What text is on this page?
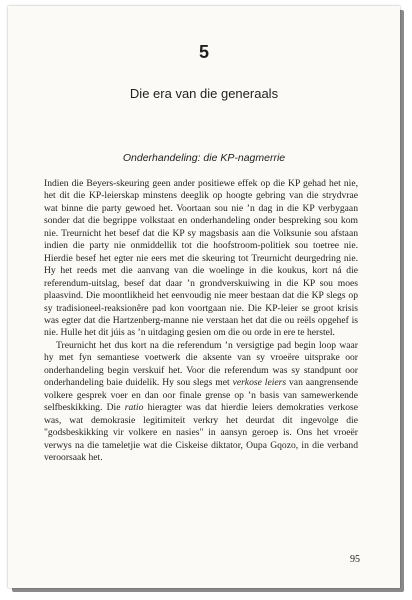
5
Die era van die generaals
Onderhandeling: die KP-nagmerrie

Indien die Beyers-skeuring geen ander positiewe effek op die KP gehad het nie, het dit die KP-leierskap minstens deeglik op hoogte gebring van die strydvrae wat binne die party gewoed het. Voortaan sou nie ’n dag in die KP verbygaan sonder dat die begrippe volkstaat en onderhandeling onder bespreking sou kom nie. Treurnicht het besef dat die KP sy magsbasis aan die Volksunie sou afstaan indien die party nie onmiddellik tot die hoofstroom-politiek sou toetree nie. Hierdie besef het egter nie eers met die skeuring tot Treurnicht deurgedring nie. Hy het reeds met die aanvang van die woelinge in die koukus, kort ná die referendum-uitslag, besef dat daar ’n grondverskuiwing in die KP sou moes plaasvind. Die moontlikheid het eenvoudig nie meer bestaan dat die KP slegs op sy tradisioneel-reaksionêre pad kon voortgaan nie. Die KP-leier se groot krisis was egter dat die Hartzenberg-manne nie verstaan het dat die ou reëls opgehef is nie. Hulle het dit júis as ’n uitdaging gesien om die ou orde in ere te herstel.

Treurnicht het dus kort na die referendum ’n versigtige pad begin loop waar hy met fyn semantiese voetwerk die aksente van sy vroeëre uitsprake oor onderhandeling begin verskuif het. Voor die referendum was sy standpunt oor onderhandeling baie duidelik. Hy sou slegs met verkose leiers van aangrensende volkere gesprek voer en dan oor finale grense op ’n basis van samewerkende selfbeskikking. Die ratio hieragter was dat hierdie leiers demokraties verkose was, wat demokrasie legitimiteit verkry het deurdat dit ingevolge die "godsbeskikking vir volkere en nasies" in aansyn geroep is. Ons het vroeër verwys na die tameletjie wat die Ciskeise diktator, Oupa Gqozo, in die verband veroorsaak het.

95
